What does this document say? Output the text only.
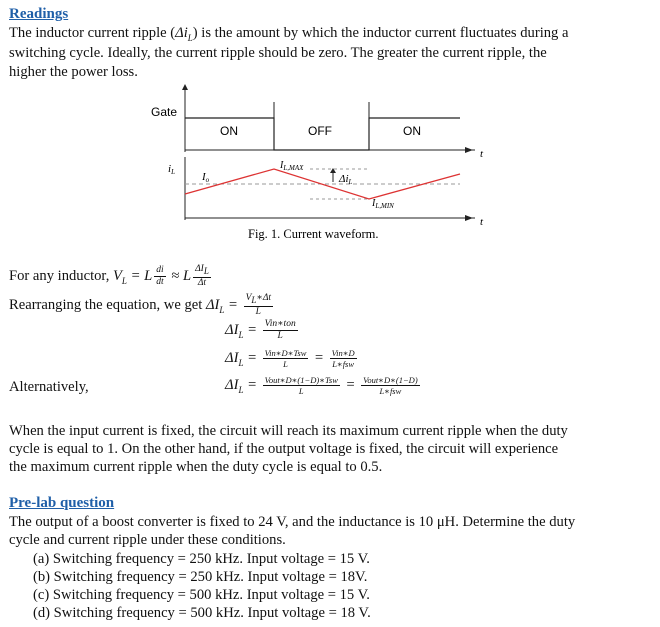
Readings
The inductor current ripple $(\Delta i_L)$ is the amount by which the inductor current fluctuates during a
switching cycle. Ideally, the current ripple should be zero. The greater the current ripple, the
higher the power loss.
Gate
t
ON	OFF	ON
iL Io
$I_{L,MAX}$
ΔiL
$I_{L,MIN}$
t
Fig. 1. Current waveform.
For any inductor, $V_L = L \frac{di}{dt} \approx L \frac{\Delta I_L}{\Delta t}$
Rearranging the equation, we get $\Delta I_L = \frac{V_L∗\Delta t}{L}$
$\Delta I_L = \frac{\text{Vin∗ton}}{L}$
$\Delta I_L = \frac{\text{Vin∗D∗Tsw}}{L} = \frac{\text{Vin∗D}}{\text{L∗fsw}}$
Alternatively,	$\Delta I_L = \frac{\text{Vout∗D∗(1−D)∗Tsw}}{L} = \frac{\text{Vout∗D∗(1−D)}}{\text{L∗fsw}}$
When the input current is fixed, the circuit will reach its maximum current ripple when the duty
cycle is equal to 1. On the other hand, if the output voltage is fixed, the circuit will experience
the maximum current ripple when the duty cycle is equal to 0.5.
Pre-lab question
The output of a boost converter is fixed to 24 V, and the inductance is 10 μH. Determine the duty
cycle and current ripple under these conditions.
(a) Switching frequency = 250 kHz. Input voltage = 15 V.
(b) Switching frequency = 250 kHz. Input voltage = 18V.
(c) Switching frequency = 500 kHz. Input voltage = 15 V.
(d) Switching frequency = 500 kHz. Input voltage = 18 V.
